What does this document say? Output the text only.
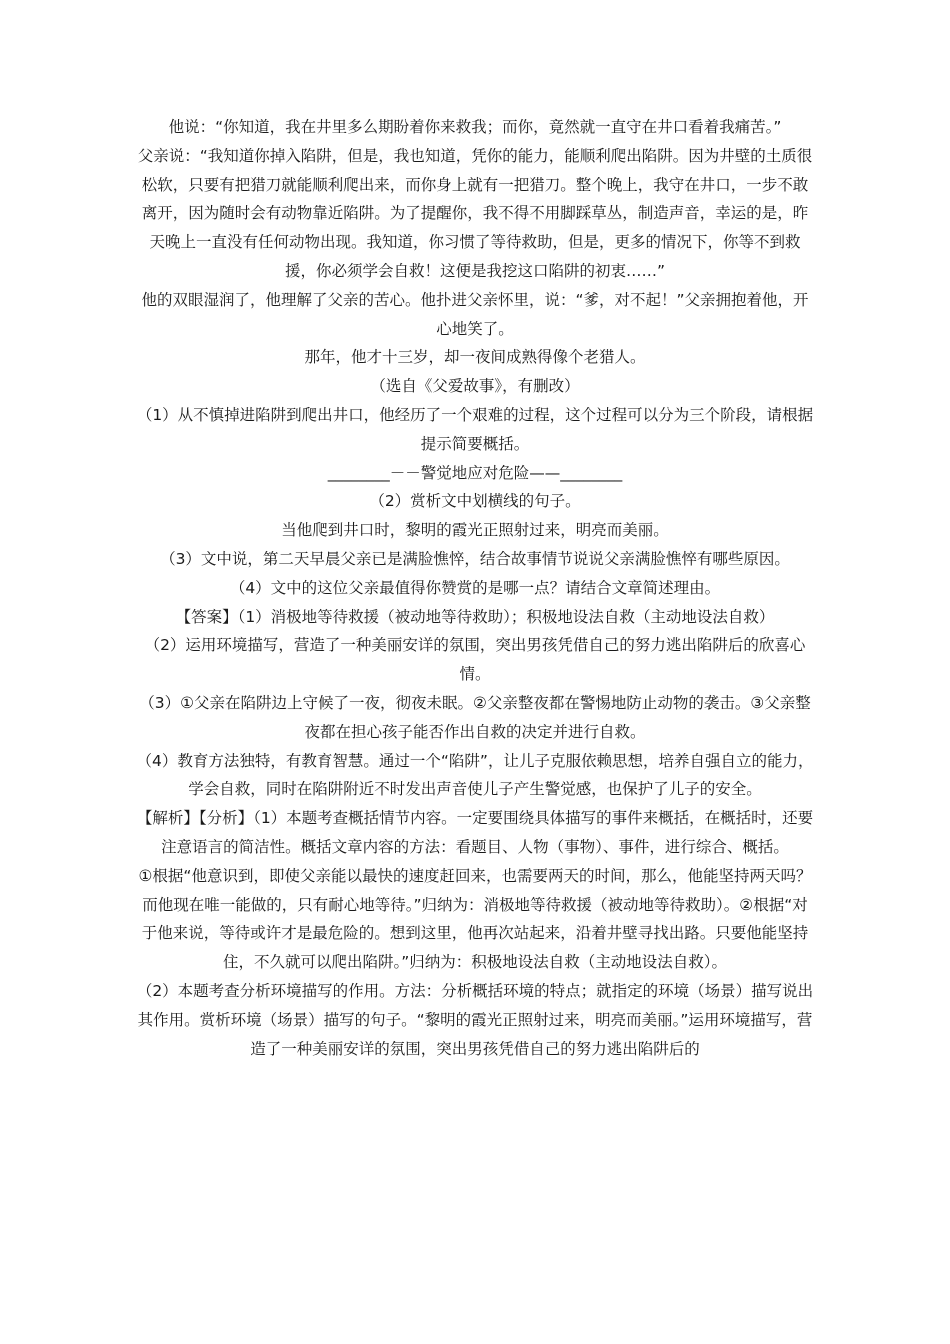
他说：“你知道，我在井里多么期盼着你来救我；而你，竟然就一直守在井口看着我痛苦。”

父亲说：“我知道你掉入陷阱，但是，我也知道，凭你的能力，能顺利爬出陷阱。因为井壁的土质很松软，只要有把猎刀就能顺利爬出来，而你身上就有一把猎刀。整个晚上，我守在井口，一步不敢离开，因为随时会有动物靠近陷阱。为了提醒你，我不得不用脚踩草丛，制造声音，幸运的是，昨天晚上一直没有任何动物出现。我知道，你习惯了等待救助，但是，更多的情况下，你等不到救援，你必须学会自救！这便是我挖这口陷阱的初衷……”

他的双眼湿润了，他理解了父亲的苦心。他扑进父亲怀里，说：“爹，对不起！”父亲拥抱着他，开心地笑了。

那年，他才十三岁，却一夜间成熟得像个老猎人。

（选自《父爱故事》，有删改）

（1）从不慎掉进陷阱到爬出井口，他经历了一个艰难的过程，这个过程可以分为三个阶段，请根据提示简要概括。

________－－警觉地应对危险——________

（2）赏析文中划横线的句子。

当他爬到井口时，黎明的霞光正照射过来，明亮而美丽。

（3）文中说，第二天早晨父亲已是满脸憔悴，结合故事情节说说父亲满脸憔悴有哪些原因。

（4）文中的这位父亲最值得你赞赏的是哪一点？请结合文章简述理由。

【答案】（1）消极地等待救援（被动地等待救助）；积极地设法自救（主动地设法自救）

（2）运用环境描写，营造了一种美丽安详的氛围，突出男孩凭借自己的努力逃出陷阱后的欣喜心情。

（3）①父亲在陷阱边上守候了一夜，彻夜未眠。②父亲整夜都在警惕地防止动物的袭击。③父亲整夜都在担心孩子能否作出自救的决定并进行自救。

（4）教育方法独特，有教育智慧。通过一个“陷阱”，让儿子克服依赖思想，培养自强自立的能力，学会自救，同时在陷阱附近不时发出声音使儿子产生警觉感，也保护了儿子的安全。

【解析】【分析】（1）本题考查概括情节内容。一定要围绕具体描写的事件来概括，在概括时，还要注意语言的简洁性。概括文章内容的方法：看题目、人物（事物）、事件，进行综合、概括。

①根据“他意识到，即使父亲能以最快的速度赶回来，也需要两天的时间，那么，他能坚持两天吗？而他现在唯一能做的，只有耐心地等待。”归纳为：消极地等待救援（被动地等待救助）。②根据“对于他来说，等待或许才是最危险的。想到这里，他再次站起来，沿着井壁寻找出路。只要他能坚持住，不久就可以爬出陷阱。”归纳为：积极地设法自救（主动地设法自救）。

（2）本题考查分析环境描写的作用。方法：分析概括环境的特点；就指定的环境（场景）描写说出其作用。赏析环境（场景）描写的句子。“黎明的霞光正照射过来，明亮而美丽。”运用环境描写，营造了一种美丽安详的氛围，突出男孩凭借自己的努力逃出陷阱后的
